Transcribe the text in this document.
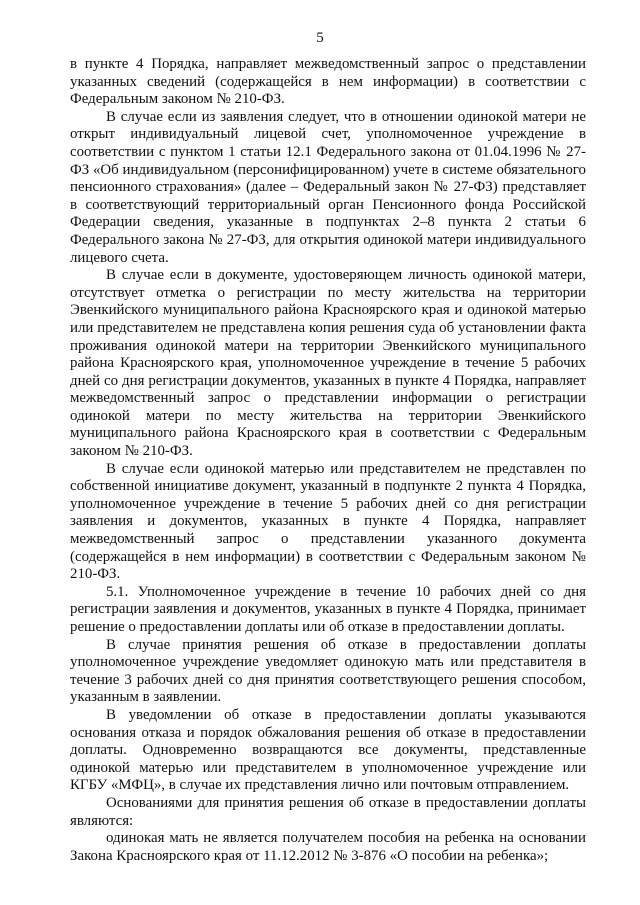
5

в пункте 4 Порядка, направляет межведомственный запрос о представлении указанных сведений (содержащейся в нем информации) в соответствии с Федеральным законом № 210-ФЗ.

В случае если из заявления следует, что в отношении одинокой матери не открыт индивидуальный лицевой счет, уполномоченное учреждение в соответствии с пунктом 1 статьи 12.1 Федерального закона от 01.04.1996 № 27-ФЗ «Об индивидуальном (персонифицированном) учете в системе обязательного пенсионного страхования» (далее – Федеральный закон № 27-ФЗ) представляет в соответствующий территориальный орган Пенсионного фонда Российской Федерации сведения, указанные в подпунктах 2–8 пункта 2 статьи 6 Федерального закона № 27-ФЗ, для открытия одинокой матери индивидуального лицевого счета.

В случае если в документе, удостоверяющем личность одинокой матери, отсутствует отметка о регистрации по месту жительства на территории Эвенкийского муниципального района Красноярского края и одинокой матерью или представителем не представлена копия решения суда об установлении факта проживания одинокой матери на территории Эвенкийского муниципального района Красноярского края, уполномоченное учреждение в течение 5 рабочих дней со дня регистрации документов, указанных в пункте 4 Порядка, направляет межведомственный запрос о представлении информации о регистрации одинокой матери по месту жительства на территории Эвенкийского муниципального района Красноярского края в соответствии с Федеральным законом № 210-ФЗ.

В случае если одинокой матерью или представителем не представлен по собственной инициативе документ, указанный в подпункте 2 пункта 4 Порядка, уполномоченное учреждение в течение 5 рабочих дней со дня регистрации заявления и документов, указанных в пункте 4 Порядка, направляет межведомственный запрос о представлении указанного документа (содержащейся в нем информации) в соответствии с Федеральным законом № 210-ФЗ.

5.1. Уполномоченное учреждение в течение 10 рабочих дней со дня регистрации заявления и документов, указанных в пункте 4 Порядка, принимает решение о предоставлении доплаты или об отказе в предоставлении доплаты.

В случае принятия решения об отказе в предоставлении доплаты уполномоченное учреждение уведомляет одинокую мать или представителя в течение 3 рабочих дней со дня принятия соответствующего решения способом, указанным в заявлении.

В уведомлении об отказе в предоставлении доплаты указываются основания отказа и порядок обжалования решения об отказе в предоставлении доплаты. Одновременно возвращаются все документы, представленные одинокой матерью или представителем в уполномоченное учреждение или КГБУ «МФЦ», в случае их представления лично или почтовым отправлением.

Основаниями для принятия решения об отказе в предоставлении доплаты являются:

одинокая мать не является получателем пособия на ребенка на основании Закона Красноярского края от 11.12.2012 № 3-876 «О пособии на ребенка»;
